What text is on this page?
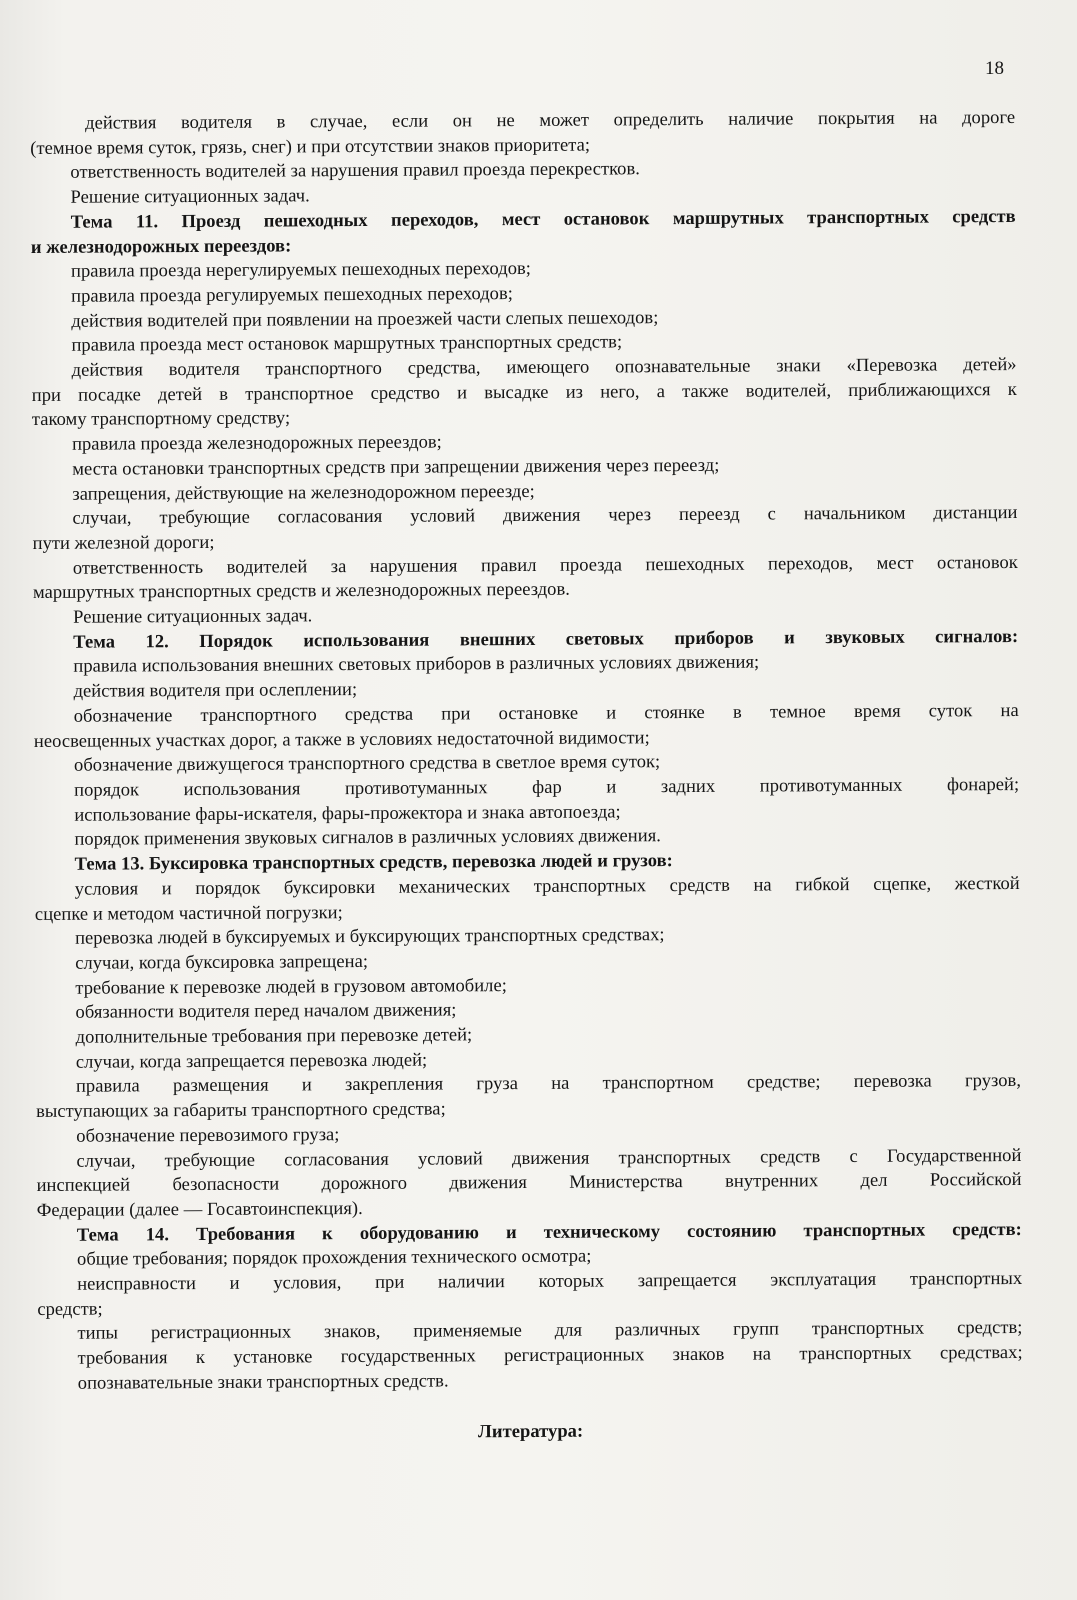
18
действия водителя в случае, если он не может определить наличие покрытия на дороге
(темное время суток, грязь, снег) и при отсутствии знаков приоритета;
ответственность водителей за нарушения правил проезда перекрестков.
Решение ситуационных задач.
Тема 11. Проезд пешеходных переходов, мест остановок маршрутных транспортных средств
и железнодорожных переездов:
правила проезда нерегулируемых пешеходных переходов;
правила проезда регулируемых пешеходных переходов;
действия водителей при появлении на проезжей части слепых пешеходов;
правила проезда мест остановок маршрутных транспортных средств;
действия водителя транспортного средства, имеющего опознавательные знаки «Перевозка детей»
при посадке детей в транспортное средство и высадке из него, а также водителей, приближающихся к
такому транспортному средству;
правила проезда железнодорожных переездов;
места остановки транспортных средств при запрещении движения через переезд;
запрещения, действующие на железнодорожном переезде;
случаи, требующие согласования условий движения через переезд с начальником дистанции
пути железной дороги;
ответственность водителей за нарушения правил проезда пешеходных переходов, мест остановок
маршрутных транспортных средств и железнодорожных переездов.
Решение ситуационных задач.
Тема 12. Порядок использования внешних световых приборов и звуковых сигналов:
правила использования внешних световых приборов в различных условиях движения;
действия водителя при ослеплении;
обозначение транспортного средства при остановке и стоянке в темное время суток на
неосвещенных участках дорог, а также в условиях недостаточной видимости;
обозначение движущегося транспортного средства в светлое время суток;
порядок использования противотуманных фар и задних противотуманных фонарей;
использование фары-искателя, фары-прожектора и знака автопоезда;
порядок применения звуковых сигналов в различных условиях движения.
Тема 13. Буксировка транспортных средств, перевозка людей и грузов:
условия и порядок буксировки механических транспортных средств на гибкой сцепке, жесткой
сцепке и методом частичной погрузки;
перевозка людей в буксируемых и буксирующих транспортных средствах;
случаи, когда буксировка запрещена;
требование к перевозке людей в грузовом автомобиле;
обязанности водителя перед началом движения;
дополнительные требования при перевозке детей;
случаи, когда запрещается перевозка людей;
правила размещения и закрепления груза на транспортном средстве; перевозка грузов,
выступающих за габариты транспортного средства;
обозначение перевозимого груза;
случаи, требующие согласования условий движения транспортных средств с Государственной
инспекцией безопасности дорожного движения Министерства внутренних дел Российской
Федерации (далее — Госавтоинспекция).
Тема 14. Требования к оборудованию и техническому состоянию транспортных средств:
общие требования; порядок прохождения технического осмотра;
неисправности и условия, при наличии которых запрещается эксплуатация транспортных
средств;
типы регистрационных знаков, применяемые для различных групп транспортных средств;
требования к установке государственных регистрационных знаков на транспортных средствах;
опознавательные знаки транспортных средств.
Литература:
